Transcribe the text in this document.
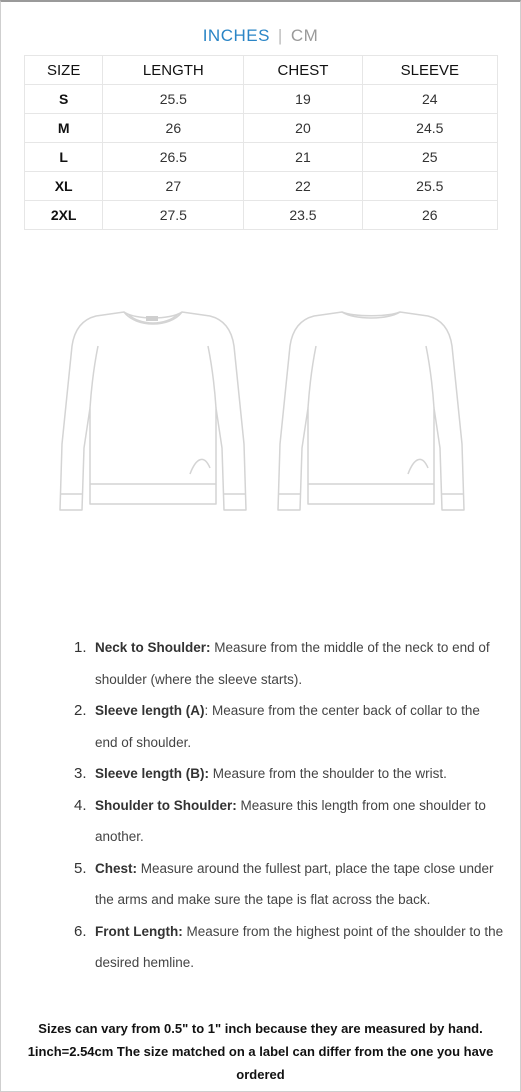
INCHES | CM
SIZE	LENGTH	CHEST	SLEEVE
S	25.5	19	24
M	26	20	24.5
L	26.5	21	25
XL	27	22	25.5
2XL	27.5	23.5	26
1. Neck to Shoulder: Measure from the middle of the neck to end of shoulder (where the sleeve starts).
2. Sleeve length (A): Measure from the center back of collar to the end of shoulder.
3. Sleeve length (B): Measure from the shoulder to the wrist.
4. Shoulder to Shoulder: Measure this length from one shoulder to another.
5. Chest: Measure around the fullest part, place the tape close under the arms and make sure the tape is flat across the back.
6. Front Length: Measure from the highest point of the shoulder to the desired hemline.
Sizes can vary from 0.5" to 1" inch because they are measured by hand. 1inch=2.54cm The size matched on a label can differ from the one you have ordered
